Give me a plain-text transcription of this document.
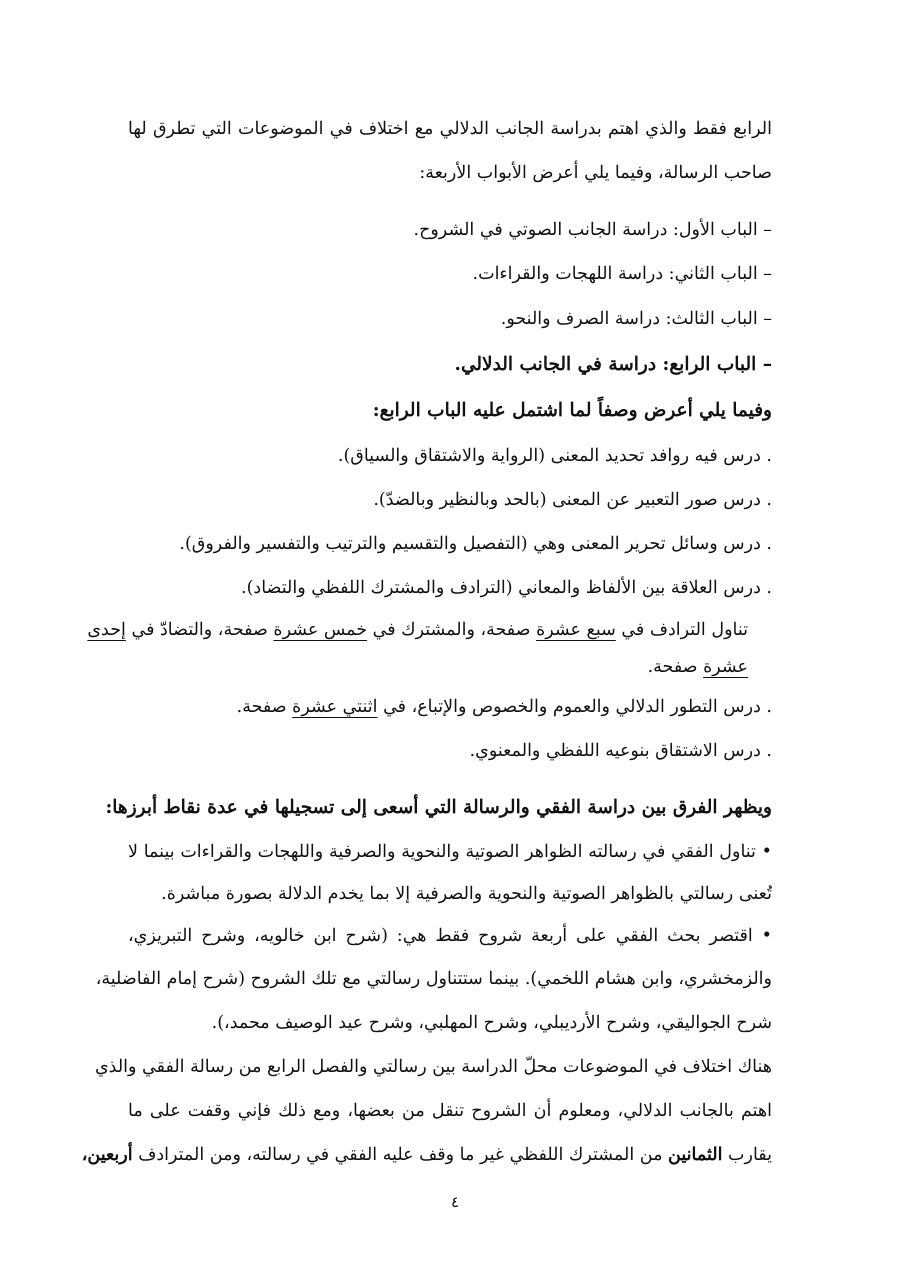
الرابع فقط والذي اهتم بدراسة الجانب الدلالي مع اختلاف في الموضوعات التي تطرق لها
صاحب الرسالة، وفيما يلي أعرض الأبواب الأربعة:
– الباب الأول: دراسة الجانب الصوتي في الشروح.
– الباب الثاني: دراسة اللهجات والقراءات.
– الباب الثالث: دراسة الصرف والنحو.
– الباب الرابع: دراسة في الجانب الدلالي.
وفيما يلي أعرض وصفاً لما اشتمل عليه الباب الرابع:
. درس فيه روافد تحديد المعنى (الرواية والاشتقاق والسياق).
. درس صور التعبير عن المعنى (بالحد وبالنظير وبالضدّ).
. درس وسائل تحرير المعنى وهي (التفصيل والتقسيم والترتيب والتفسير والفروق).
. درس العلاقة بين الألفاظ والمعاني (الترادف والمشترك اللفظي والتضاد).
تناول الترادف في سبع عشرة صفحة، والمشترك في خمس عشرة صفحة، والتضادّ في إحدى
عشرة صفحة.
. درس التطور الدلالي والعموم والخصوص والإتباع، في اثنتي عشرة صفحة.
. درس الاشتقاق بنوعيه اللفظي والمعنوي.
ويظهر الفرق بين دراسة الفقي والرسالة التي أسعى إلى تسجيلها في عدة نقاط أبرزها:
• تناول الفقي في رسالته الظواهر الصوتية والنحوية والصرفية واللهجات والقراءات بينما لا
تُعنى رسالتي بالظواهر الصوتية والنحوية والصرفية إلا بما يخدم الدلالة بصورة مباشرة.
• اقتصر بحث الفقي على أربعة شروح فقط هي: (شرح ابن خالويه، وشرح التبريزي،
والزمخشري، وابن هشام اللخمي). بينما ستتناول رسالتي مع تلك الشروح (شرح إمام الفاضلية،
شرح الجواليقي، وشرح الأرديبلي، وشرح المهلبي، وشرح عيد الوصيف محمد،).
هناك اختلاف في الموضوعات محلّ الدراسة بين رسالتي والفصل الرابع من رسالة الفقي والذي
اهتم بالجانب الدلالي، ومعلوم أن الشروح تنقل من بعضها، ومع ذلك فإني وقفت على ما
يقارب الثمانين من المشترك اللفظي غير ما وقف عليه الفقي في رسالته، ومن المترادف أربعين،
٤
